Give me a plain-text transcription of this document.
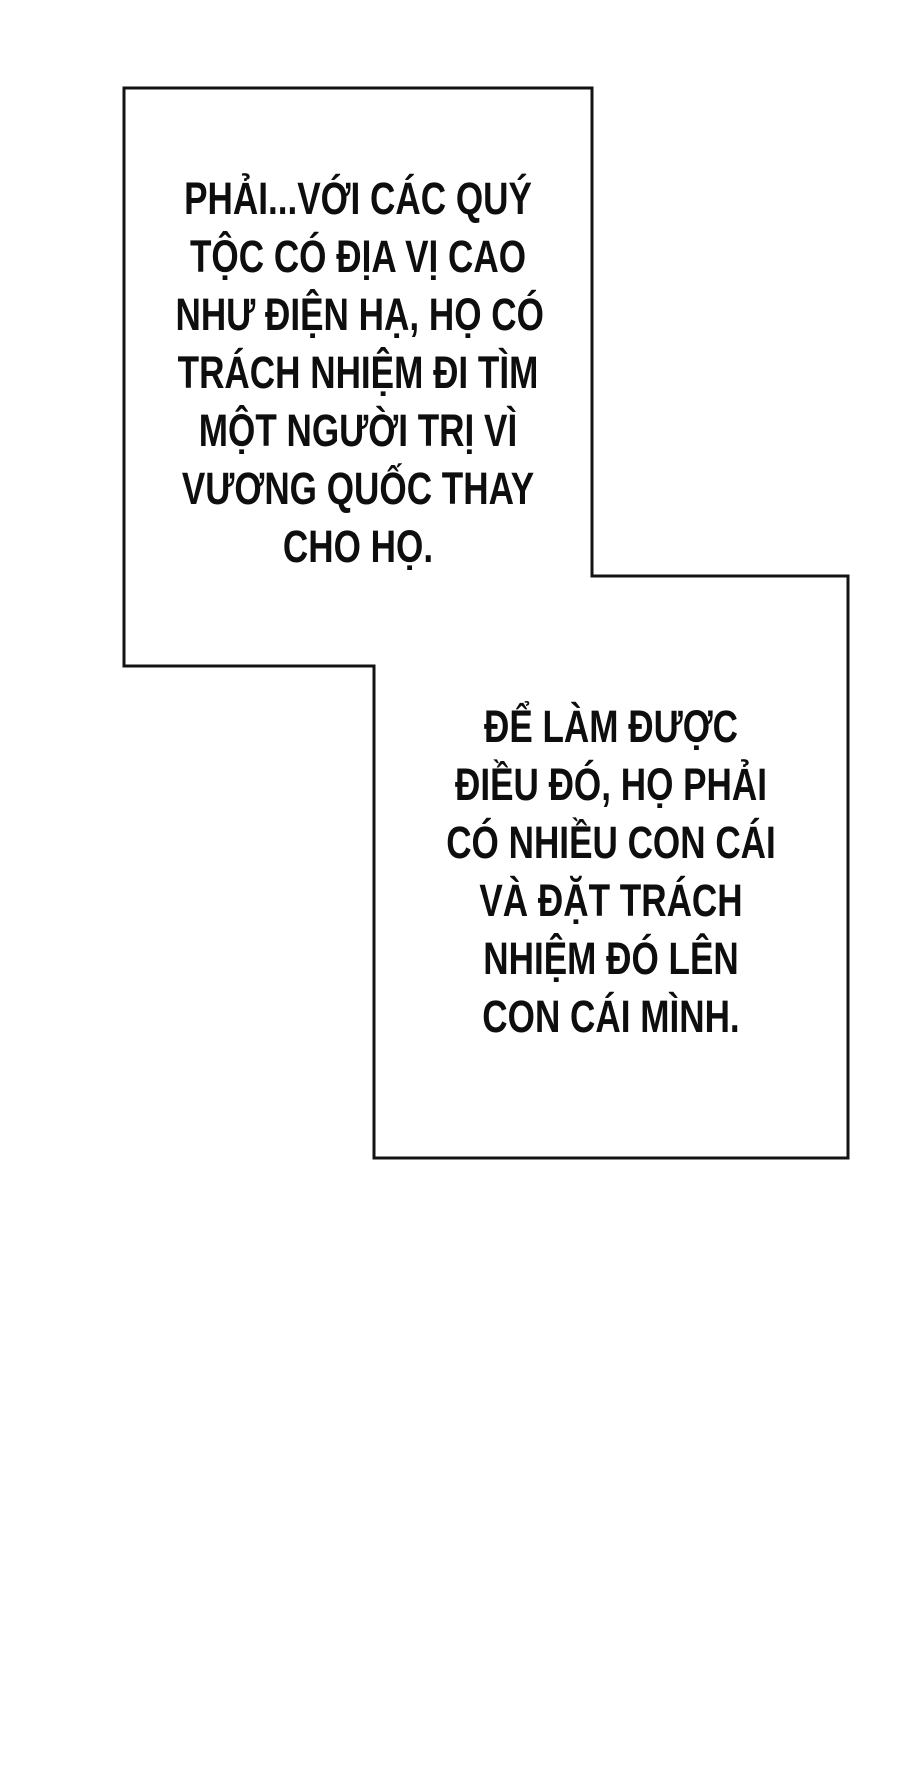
PHẢI...VỚI CÁC QUÝ
TỘC CÓ ĐỊA VỊ CAO
NHƯ ĐIỆN HẠ, HỌ CÓ
TRÁCH NHIỆM ĐI TÌM
MỘT NGƯỜI TRỊ VÌ
VƯƠNG QUỐC THAY
CHO HỌ.
ĐỂ LÀM ĐƯỢC
ĐIỀU ĐÓ, HỌ PHẢI
CÓ NHIỀU CON CÁI
VÀ ĐẶT TRÁCH
NHIỆM ĐÓ LÊN
CON CÁI MÌNH.
